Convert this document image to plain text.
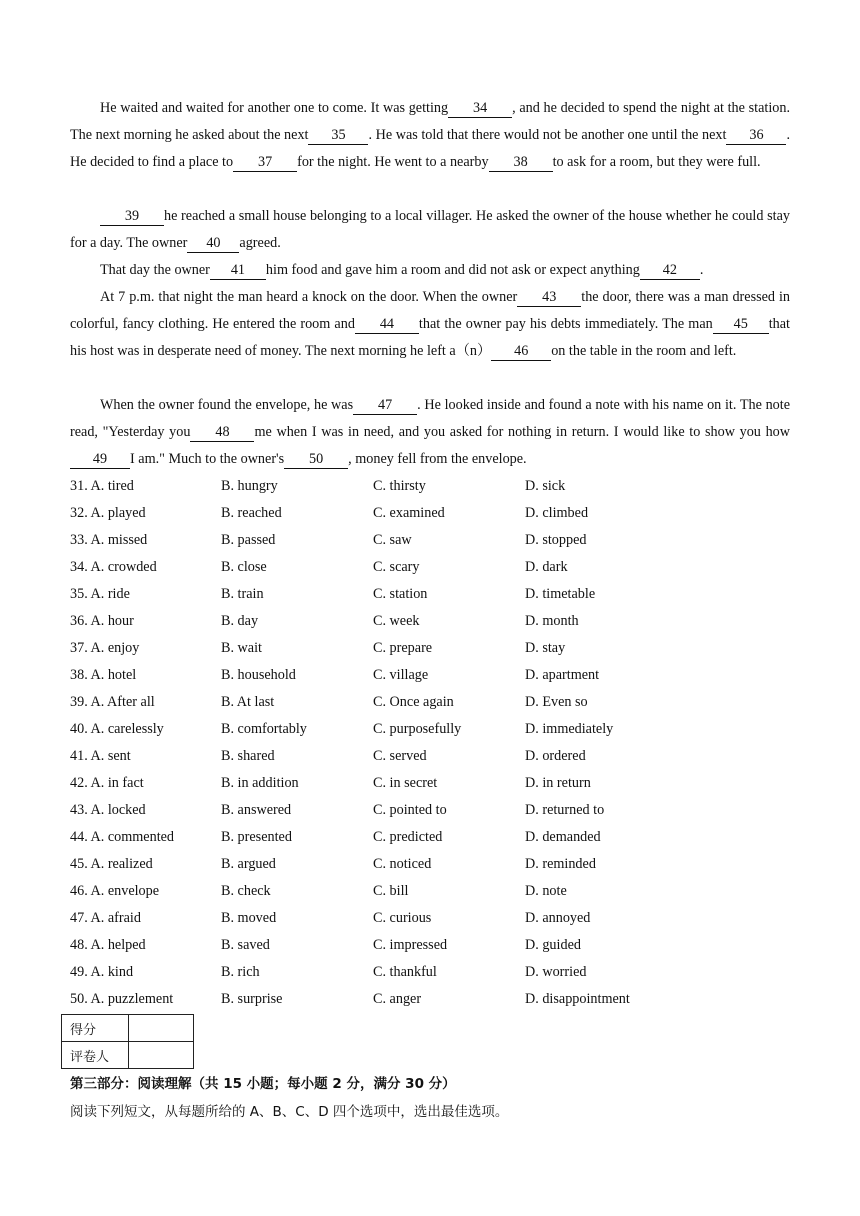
He waited and waited for another one to come. It was getting 34 , and he decided to spend the night at the station. The next morning he asked about the next 35 . He was told that there would not be another one until the next 36 . He decided to find a place to 37 for the night. He went to a nearby 38 to ask for a room, but they were full.

39 he reached a small house belonging to a local villager. He asked the owner of the house whether he could stay for a day. The owner 40 agreed.

That day the owner 41 him food and gave him a room and did not ask or expect anything 42 .

At 7 p.m. that night the man heard a knock on the door. When the owner 43 the door, there was a man dressed in colorful, fancy clothing. He entered the room and 44 that the owner pay his debts immediately. The man 45 that his host was in desperate need of money. The next morning he left a（n） 46 on the table in the room and left.

When the owner found the envelope, he was 47 . He looked inside and found a note with his name on it. The note read, "Yesterday you 48 me when I was in need, and you asked for nothing in return. I would like to show you how49 I am." Much to the owner's 50 , money fell from the envelope.

31. A. tired	B. hungry	C. thirsty	D. sick
32. A. played	B. reached	C. examined	D. climbed
33. A. missed	B. passed	C. saw	D. stopped
34. A. crowded	B. close	C. scary	D. dark
35. A. ride	B. train	C. station	D. timetable
36. A. hour	B. day	C. week	D. month
37. A. enjoy	B. wait	C. prepare	D. stay
38. A. hotel	B. household	C. village	D. apartment
39. A. After all	B. At last	C. Once again	D. Even so
40. A. carelessly	B. comfortably	C. purposefully	D. immediately
41. A. sent	B. shared	C. served	D. ordered
42. A. in fact	B. in addition	C. in secret	D. in return
43. A. locked	B. answered	C. pointed to	D. returned to
44. A. commented	B. presented	C. predicted	D. demanded
45. A. realized	B. argued	C. noticed	D. reminded
46. A. envelope	B. check	C. bill	D. note
47. A. afraid	B. moved	C. curious	D. annoyed
48. A. helped	B. saved	C. impressed	D. guided
49. A. kind	B. rich	C. thankful	D. worried
50. A. puzzlement	B. surprise	C. anger	D. disappointment
得分	
评卷人	
第三部分：阅读理解（共 15 小题；每小题 2 分，满分 30 分）
阅读下列短文，从每题所给的 A、B、C、D 四个选项中，选出最佳选项。
